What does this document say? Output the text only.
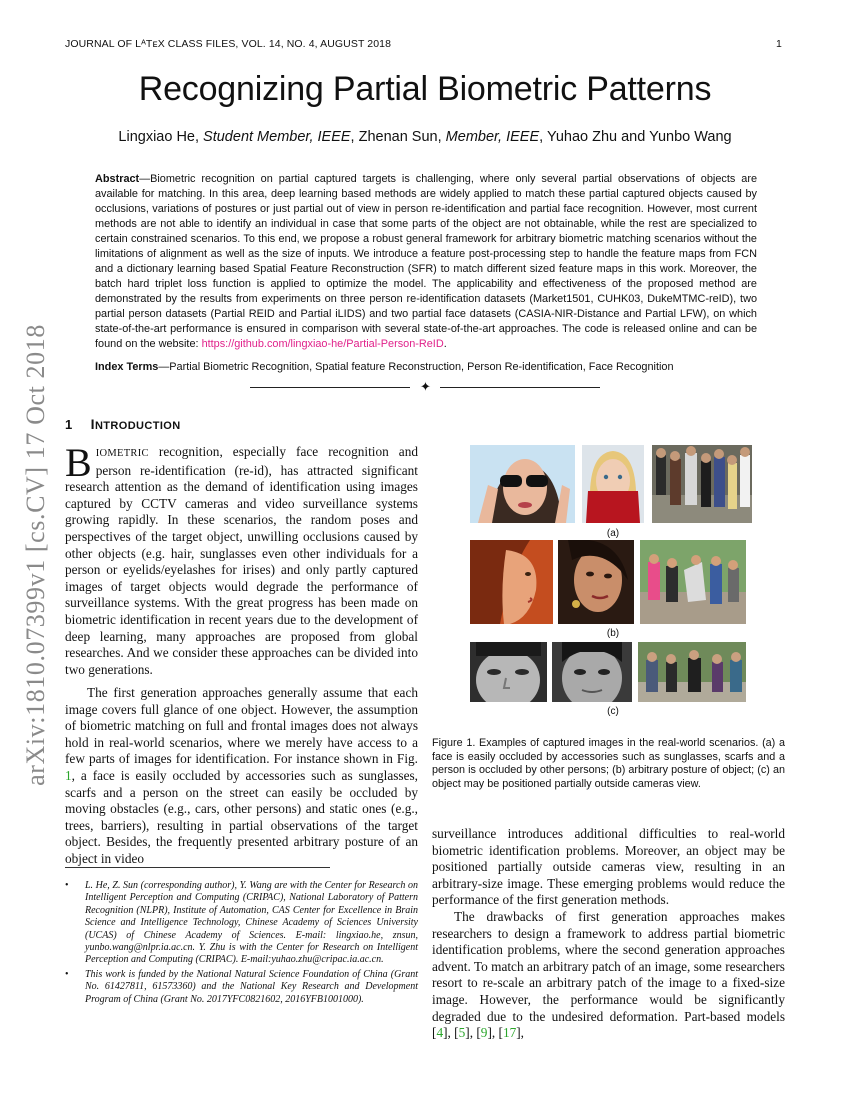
JOURNAL OF LᴬTᴇX CLASS FILES, VOL. 14, NO. 4, AUGUST 2018	1
arXiv:1810.07399v1 [cs.CV] 17 Oct 2018
Recognizing Partial Biometric Patterns
Lingxiao He, Student Member, IEEE, Zhenan Sun, Member, IEEE, Yuhao Zhu and Yunbo Wang

Abstract—Biometric recognition on partial captured targets is challenging, where only several partial observations of objects are available for matching. In this area, deep learning based methods are widely applied to match these partial captured objects caused by occlusions, variations of postures or just partial out of view in person re-identification and partial face recognition. However, most current methods are not able to identify an individual in case that some parts of the object are not obtainable, while the rest are specialized to certain constrained scenarios. To this end, we propose a robust general framework for arbitrary biometric matching scenarios without the limitations of alignment as well as the size of inputs. We introduce a feature post-processing step to handle the feature maps from FCN and a dictionary learning based Spatial Feature Reconstruction (SFR) to match different sized feature maps in this work. Moreover, the batch hard triplet loss function is applied to optimize the model. The applicability and effectiveness of the proposed method are demonstrated by the results from experiments on three person re-identification datasets (Market1501, CUHK03, DukeMTMC-reID), two partial person datasets (Partial REID and Partial iLIDS) and two partial face datasets (CASIA-NIR-Distance and Partial LFW), on which state-of-the-art performance is ensured in comparison with several state-of-the-art approaches. The code is released online and can be found on the website: https://github.com/lingxiao-he/Partial-Person-ReID.

Index Terms—Partial Biometric Recognition, Spatial feature Reconstruction, Person Re-identification, Face Recognition
✦
1 INTRODUCTION

BIOMETRIC recognition, especially face recognition and person re-identification (re-id), has attracted significant research attention as the demand of identification using images captured by CCTV cameras and video surveillance systems growing rapidly. In these scenarios, the random poses and perspectives of the target object, unwilling occlusions caused by other objects (e.g. hair, sunglasses even other individuals for a person or eyelids/eyelashes for irises) and only partly captured images of target objects would degrade the performance of surveillance systems. With the great progress has been made on biometric identification in recent years due to the development of deep learning, many approaches are proposed from global researches. And we consider these approaches can be divided into two generations.

The first generation approaches generally assume that each image covers full glance of one object. However, the assumption of biometric matching on full and frontal images does not always hold in real-world scenarios, where we merely have access to a few parts of images for identification. For instance shown in Fig. 1, a face is easily occluded by accessories such as sunglasses, scarfs and a person on the street can easily be occluded by moving obstacles (e.g., cars, other persons) and static ones (e.g., trees, barriers), resulting in partial observations of the target object. Besides, the frequently presented arbitrary posture of an object in video

• L. He, Z. Sun (corresponding author), Y. Wang are with the Center for Research on Intelligent Perception and Computing (CRIPAC), National Laboratory of Pattern Recognition (NLPR), Institute of Automation, CAS Center for Excellence in Brain Science and Intelligence Technology, Chinese Academy of Sciences University (UCAS) of Chinese Academy of Sciences. E-mail: lingxiao.he, znsun, yunbo.wang@nlpr.ia.ac.cn. Y. Zhu is with the Center for Research on Intelligent Perception and Computing (CRIPAC). E-mail:yuhao.zhu@cripac.ia.ac.cn.

• This work is funded by the National Natural Science Foundation of China (Grant No. 61427811, 61573360) and the National Key Research and Development Program of China (Grant No. 2017YFC0821602, 2016YFB1001000).

(a)
(b)
(c)
Figure 1. Examples of captured images in the real-world scenarios. (a) a face is easily occluded by accessories such as sunglasses, scarfs and a person is occluded by other persons; (b) arbitrary posture of object; (c) an object may be positioned partially outside cameras view.

surveillance introduces additional difficulties to real-world biometric identification problems. Moreover, an object may be positioned partially outside cameras view, resulting in an arbitrary-size image. These emerging problems would reduce the performance of the first generation methods.

The drawbacks of first generation approaches makes researchers to design a framework to address partial biometric identification problems, where the second generation approaches advent. To match an arbitrary patch of an image, some researchers resort to re-scale an arbitrary patch of the image to a fixed-size image. However, the performance would be significantly degraded due to the undesired deformation. Part-based models [4], [5], [9], [17],
